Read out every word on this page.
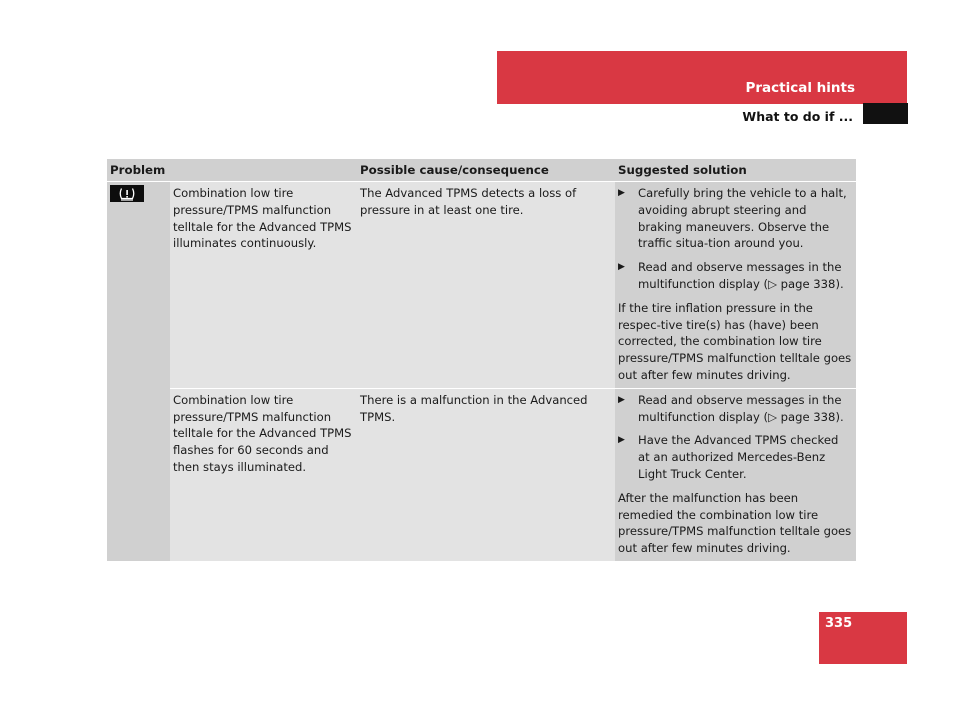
Practical hints
What to do if ...
Problem		Possible cause/consequence	Suggested solution

	Combination low tire pressure/TPMS malfunction telltale for the Advanced TPMS illuminates continuously.	The Advanced TPMS detects a loss of pressure in at least one tire.	▶ Carefully bring the vehicle to a halt, avoiding abrupt steering and braking maneuvers. Observe the traffic situa-tion around you.
▶ Read and observe messages in the multifunction display (▷ page 338).
If the tire inflation pressure in the respec-tive tire(s) has (have) been corrected, the combination low tire pressure/TPMS malfunction telltale goes out after few minutes driving.

	Combination low tire pressure/TPMS malfunction telltale for the Advanced TPMS flashes for 60 seconds and then stays illuminated.	There is a malfunction in the Advanced TPMS.	▶ Read and observe messages in the multifunction display (▷ page 338).
▶ Have the Advanced TPMS checked at an authorized Mercedes-Benz Light Truck Center.
After the malfunction has been remedied the combination low tire pressure/TPMS malfunction telltale goes out after few minutes driving.
335
